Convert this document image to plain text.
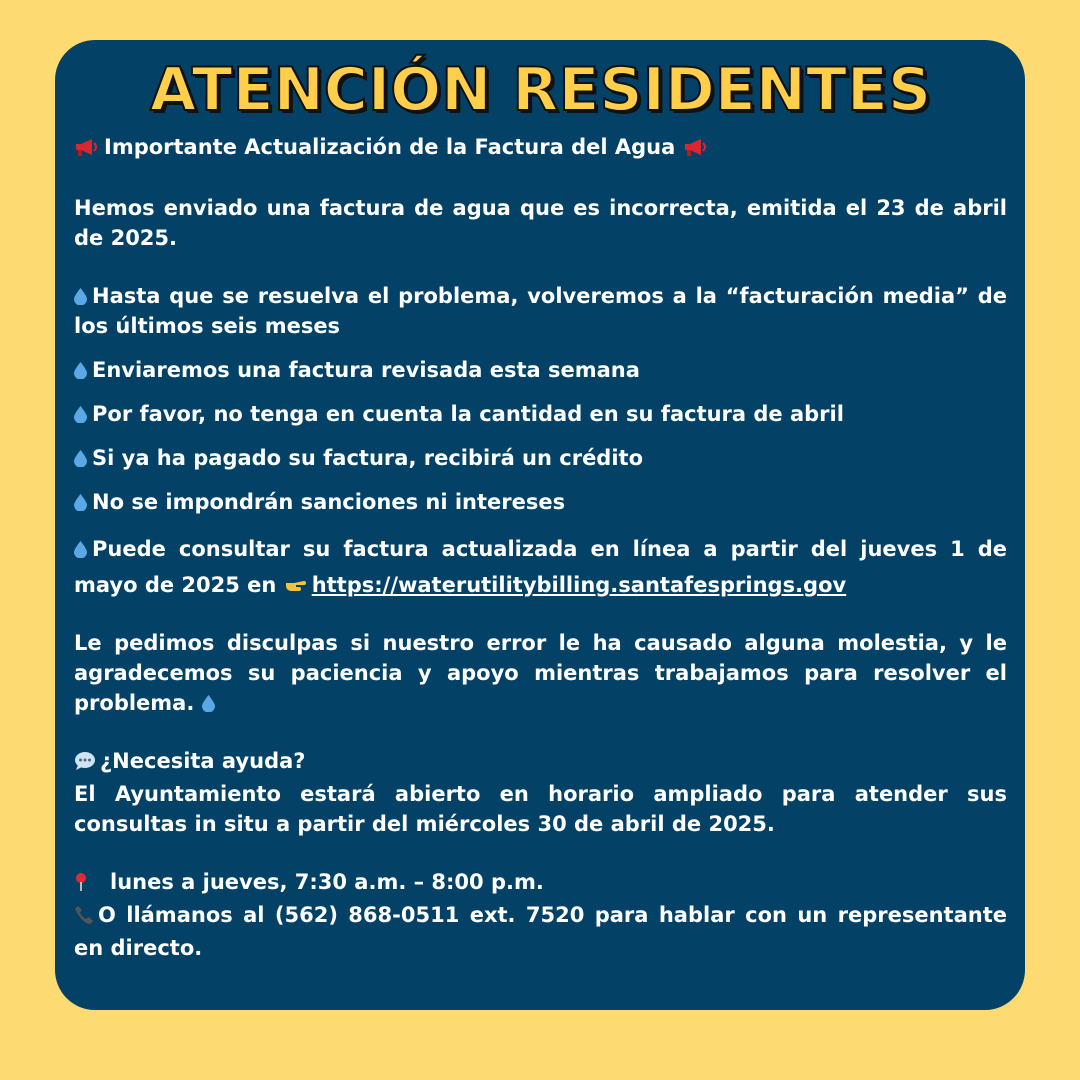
ATENCIÓN RESIDENTES

Importante Actualización de la Factura del Agua

Hemos enviado una factura de agua que es incorrecta, emitida el 23 de abril de 2025.

Hasta que se resuelva el problema, volveremos a la “facturación media” de los últimos seis meses

Enviaremos una factura revisada esta semana

Por favor, no tenga en cuenta la cantidad en su factura de abril

Si ya ha pagado su factura, recibirá un crédito

No se impondrán sanciones ni intereses

Puede consultar su factura actualizada en línea a partir del jueves 1 de mayo de 2025 en https://waterutilitybilling.santafesprings.gov

Le pedimos disculpas si nuestro error le ha causado alguna molestia, y le agradecemos su paciencia y apoyo mientras trabajamos para resolver el problema.

¿Necesita ayuda?

El Ayuntamiento estará abierto en horario ampliado para atender sus consultas in situ a partir del miércoles 30 de abril de 2025.

lunes a jueves, 7:30 a.m. – 8:00 p.m.

O llámanos al (562) 868-0511 ext. 7520 para hablar con un representante en directo.
